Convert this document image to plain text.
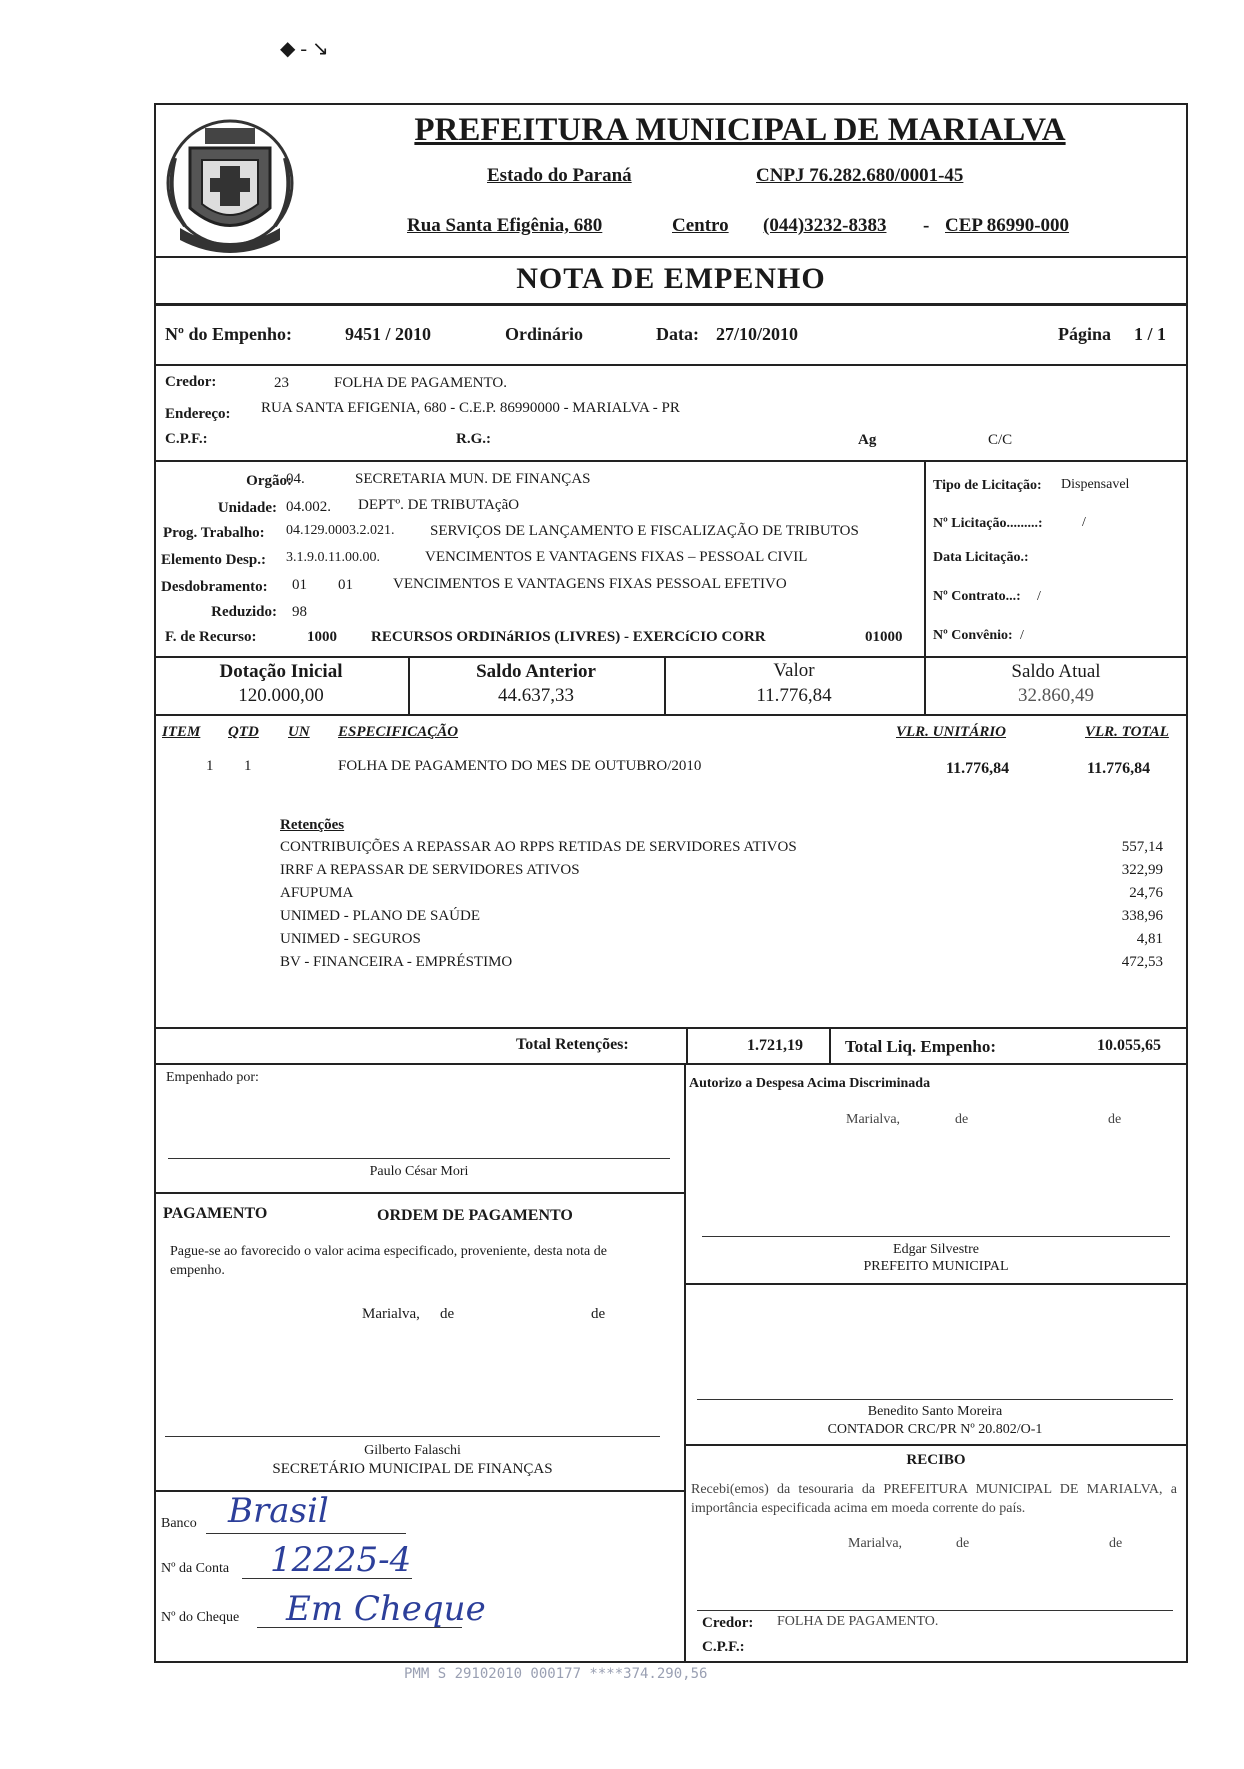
◆ - ↘
PREFEITURA MUNICIPAL DE MARIALVA
Estado do Paraná	CNPJ 76.282.680/0001-45
Rua Santa Efigênia, 680	Centro (044)3232-8383 - CEP 86990-000
NOTA DE EMPENHO
Nº do Empenho:	9451 / 2010	Ordinário	Data: 27/10/2010	Página 1 / 1
Credor:	23	FOLHA DE PAGAMENTO.
Endereço: RUA SANTA EFIGENIA, 680 - C.E.P. 86990000 - MARIALVA - PR
C.P.F.:	R.G.:	Ag	C/C
Orgão:
04.	SECRETARIA MUN. DE FINANÇAS
Unidade: 04.002. DEPTº. DE TRIBUTAçãO
Prog. Trabalho: 04.129.0003.2.021. SERVIÇOS DE LANÇAMENTO E FISCALIZAÇÃO DE TRIBUTOS
Elemento Desp.: 3.1.9.0.11.00.00.	VENCIMENTOS E VANTAGENS FIXAS – PESSOAL CIVIL
Desdobramento: 01 01	VENCIMENTOS E VANTAGENS FIXAS PESSOAL EFETIVO
Reduzido: 98
F. de Recurso:	1000 RECURSOS ORDINáRIOS (LIVRES) - EXERCíCIO CORR	01000
Tipo de Licitação: Dispensavel
Nº Licitação.........:	/
Data Licitação.:
Nº Contrato...: /
Nº Convênio: /
Dotação Inicial
120.000,00
Saldo Anterior
44.637,33
Valor
11.776,84
Saldo Atual
32.860,49
ITEM QTD UN ESPECIFICAÇÃO	VLR. UNITÁRIO	VLR. TOTAL
1 1	FOLHA DE PAGAMENTO DO MES DE OUTUBRO/2010	11.776,84	11.776,84
Retenções
CONTRIBUIÇÕES A REPASSAR AO RPPS RETIDAS DE SERVIDORES ATIVOS	557,14
IRRF A REPASSAR DE SERVIDORES ATIVOS	322,99
AFUPUMA	24,76
UNIMED - PLANO DE SAÚDE	338,96
UNIMED - SEGUROS	4,81
BV - FINANCEIRA - EMPRÉSTIMO	472,53
Total Retenções:	1.721,19 Total Liq. Empenho:	10.055,65
Empenhado por:
Paulo César Mori
PAGAMENTO	ORDEM DE PAGAMENTO
Pague-se ao favorecido o valor acima especificado, proveniente, desta nota de empenho.
Marialva, de	de
Gilberto Falaschi
SECRETÁRIO MUNICIPAL DE FINANÇAS
Banco Brasil
Nº da Conta 12225-4
Nº do Cheque Em Cheque
Autorizo a Despesa Acima Discriminada
Marialva,	de	de
Edgar Silvestre
PREFEITO MUNICIPAL
Benedito Santo Moreira
CONTADOR CRC/PR Nº 20.802/O-1
RECIBO
Recebi(emos) da tesouraria da PREFEITURA MUNICIPAL DE MARIALVA, a importância especificada acima em moeda corrente do país.
Marialva,	de	de
Credor: FOLHA DE PAGAMENTO.
C.P.F.:
PMM S 29102010 000177 ****374.290,56
